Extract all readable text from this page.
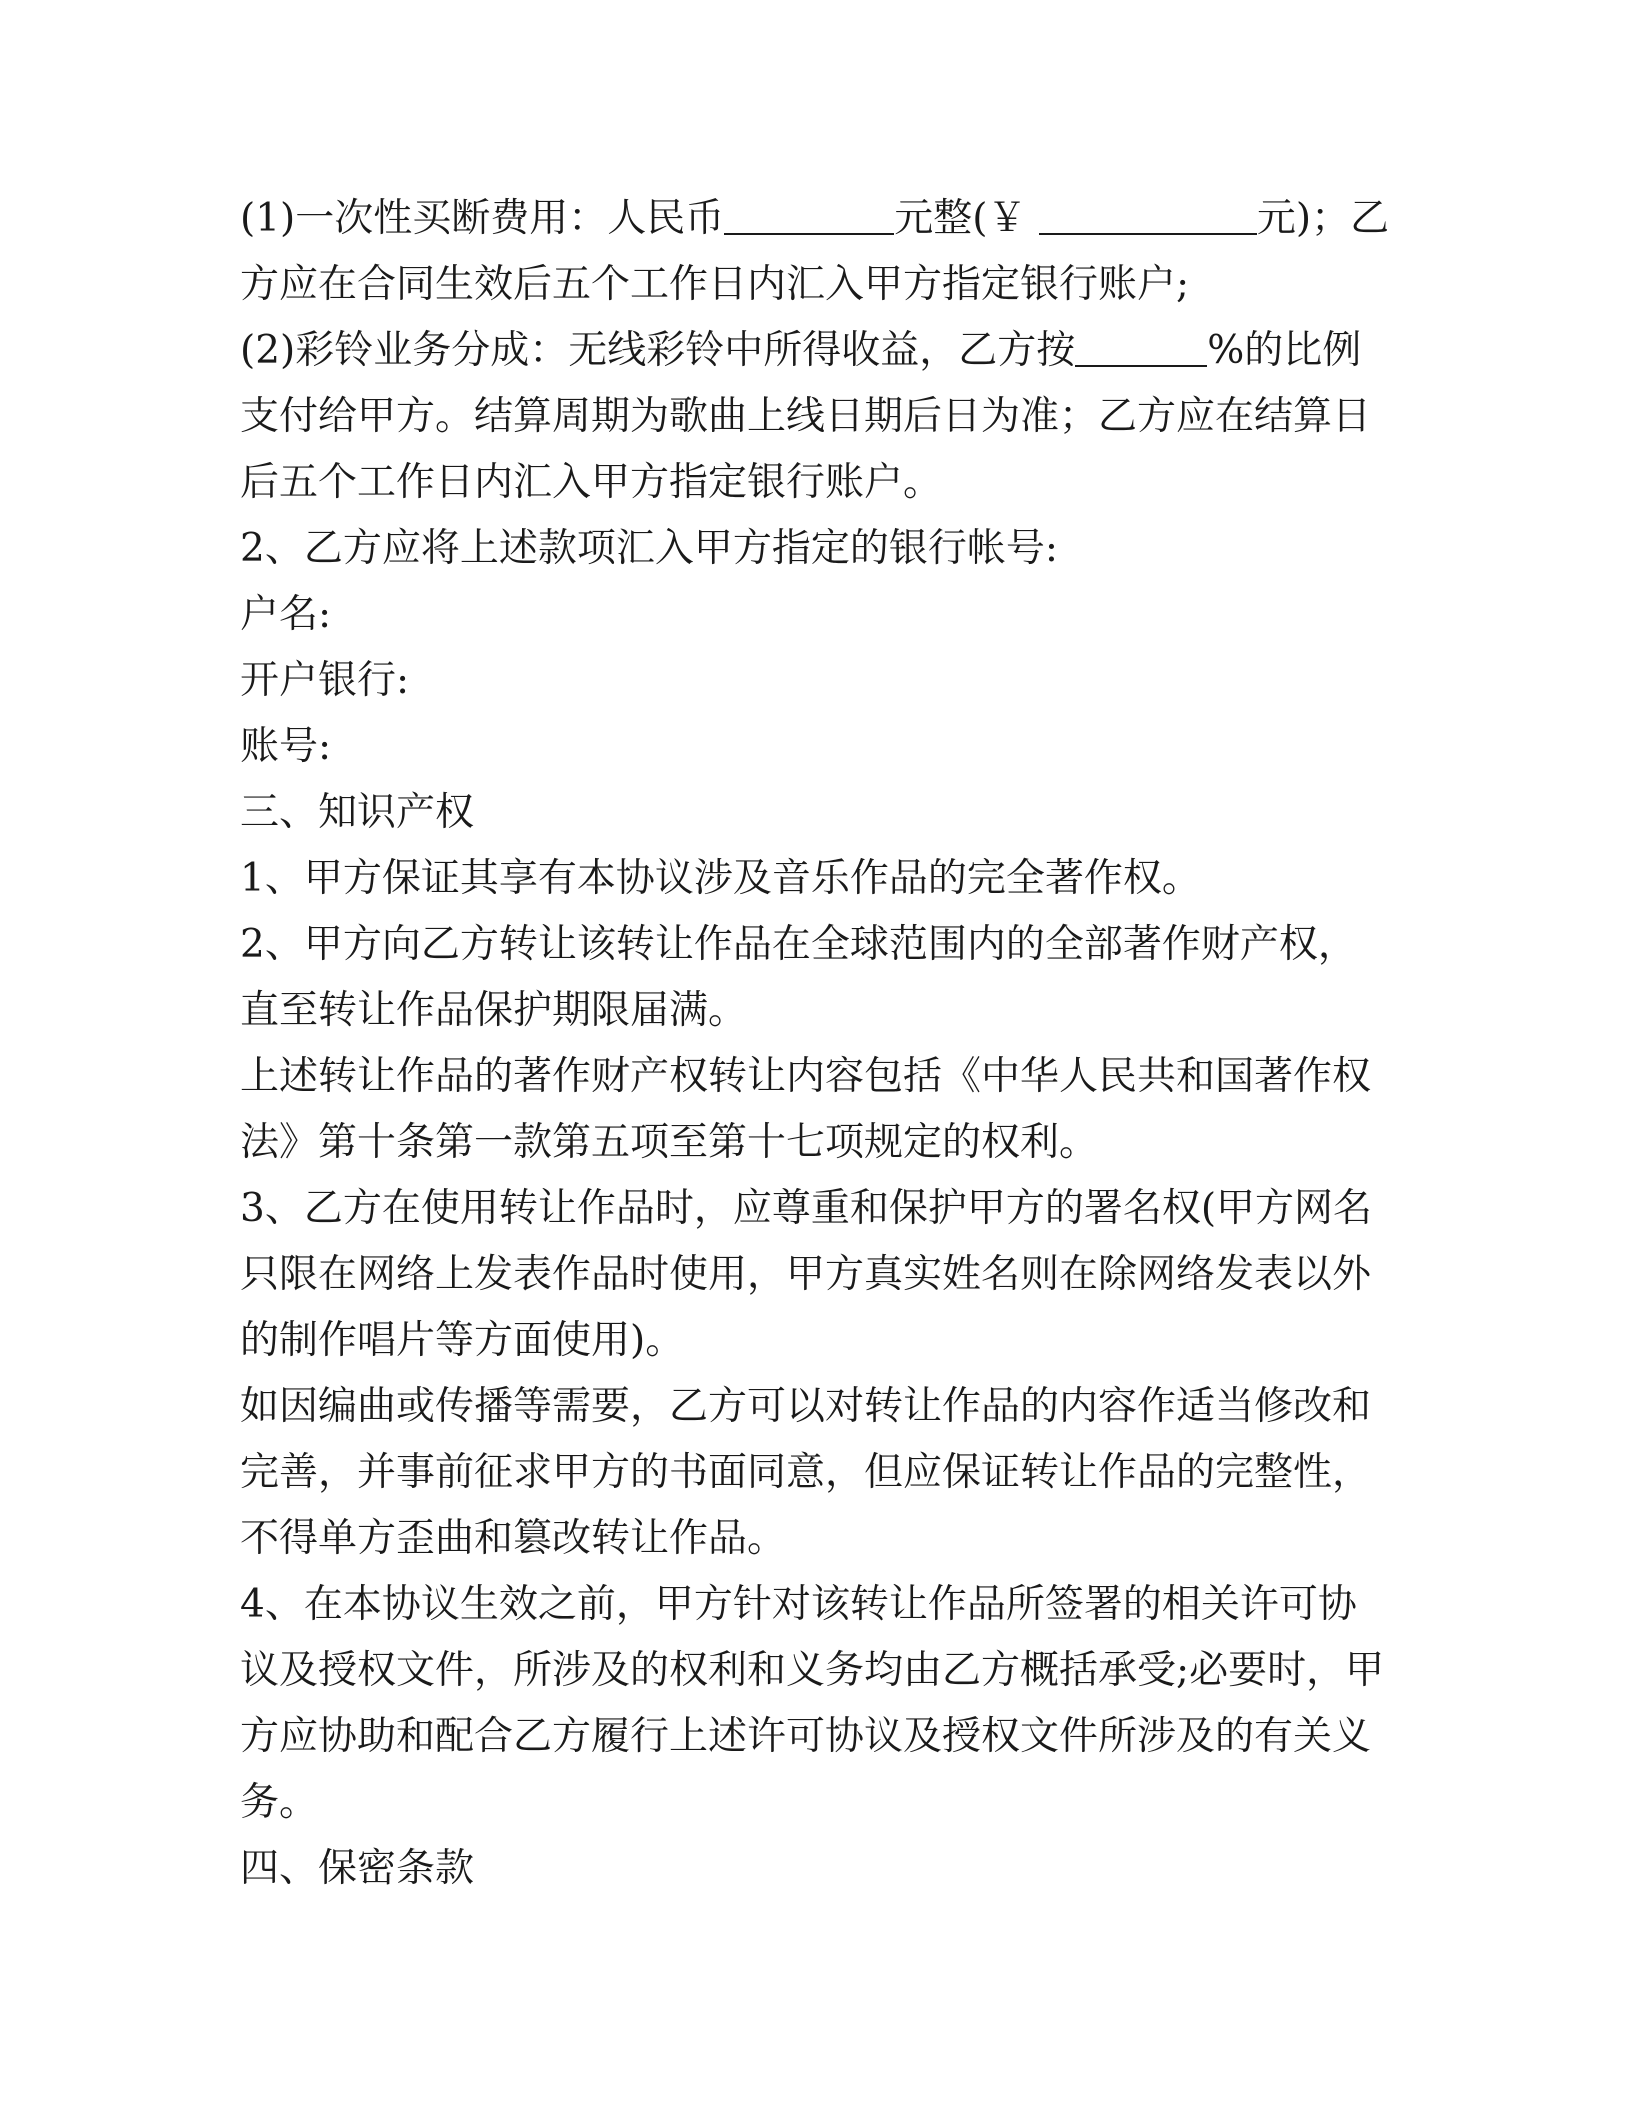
(1)一次性买断费用：人民币	元整(￥	元)；乙方应在合同生效后五个工作日内汇入甲方指定银行账户;

(2)彩铃业务分成：无线彩铃中所得收益，乙方按	%的比例支付给甲方。结算周期为歌曲上线日期后日为准；乙方应在结算日后五个工作日内汇入甲方指定银行账户。

2、乙方应将上述款项汇入甲方指定的银行帐号:

户名:

开户银行:

账号:

三、知识产权

1、甲方保证其享有本协议涉及音乐作品的完全著作权。

2、甲方向乙方转让该转让作品在全球范围内的全部著作财产权，直至转让作品保护期限届满。

上述转让作品的著作财产权转让内容包括《中华人民共和国著作权法》第十条第一款第五项至第十七项规定的权利。

3、乙方在使用转让作品时，应尊重和保护甲方的署名权(甲方网名只限在网络上发表作品时使用，甲方真实姓名则在除网络发表以外的制作唱片等方面使用)。

如因编曲或传播等需要，乙方可以对转让作品的内容作适当修改和完善，并事前征求甲方的书面同意，但应保证转让作品的完整性，不得单方歪曲和篡改转让作品。

4、在本协议生效之前，甲方针对该转让作品所签署的相关许可协议及授权文件，所涉及的权利和义务均由乙方概括承受;必要时，甲方应协助和配合乙方履行上述许可协议及授权文件所涉及的有关义务。

四、保密条款
